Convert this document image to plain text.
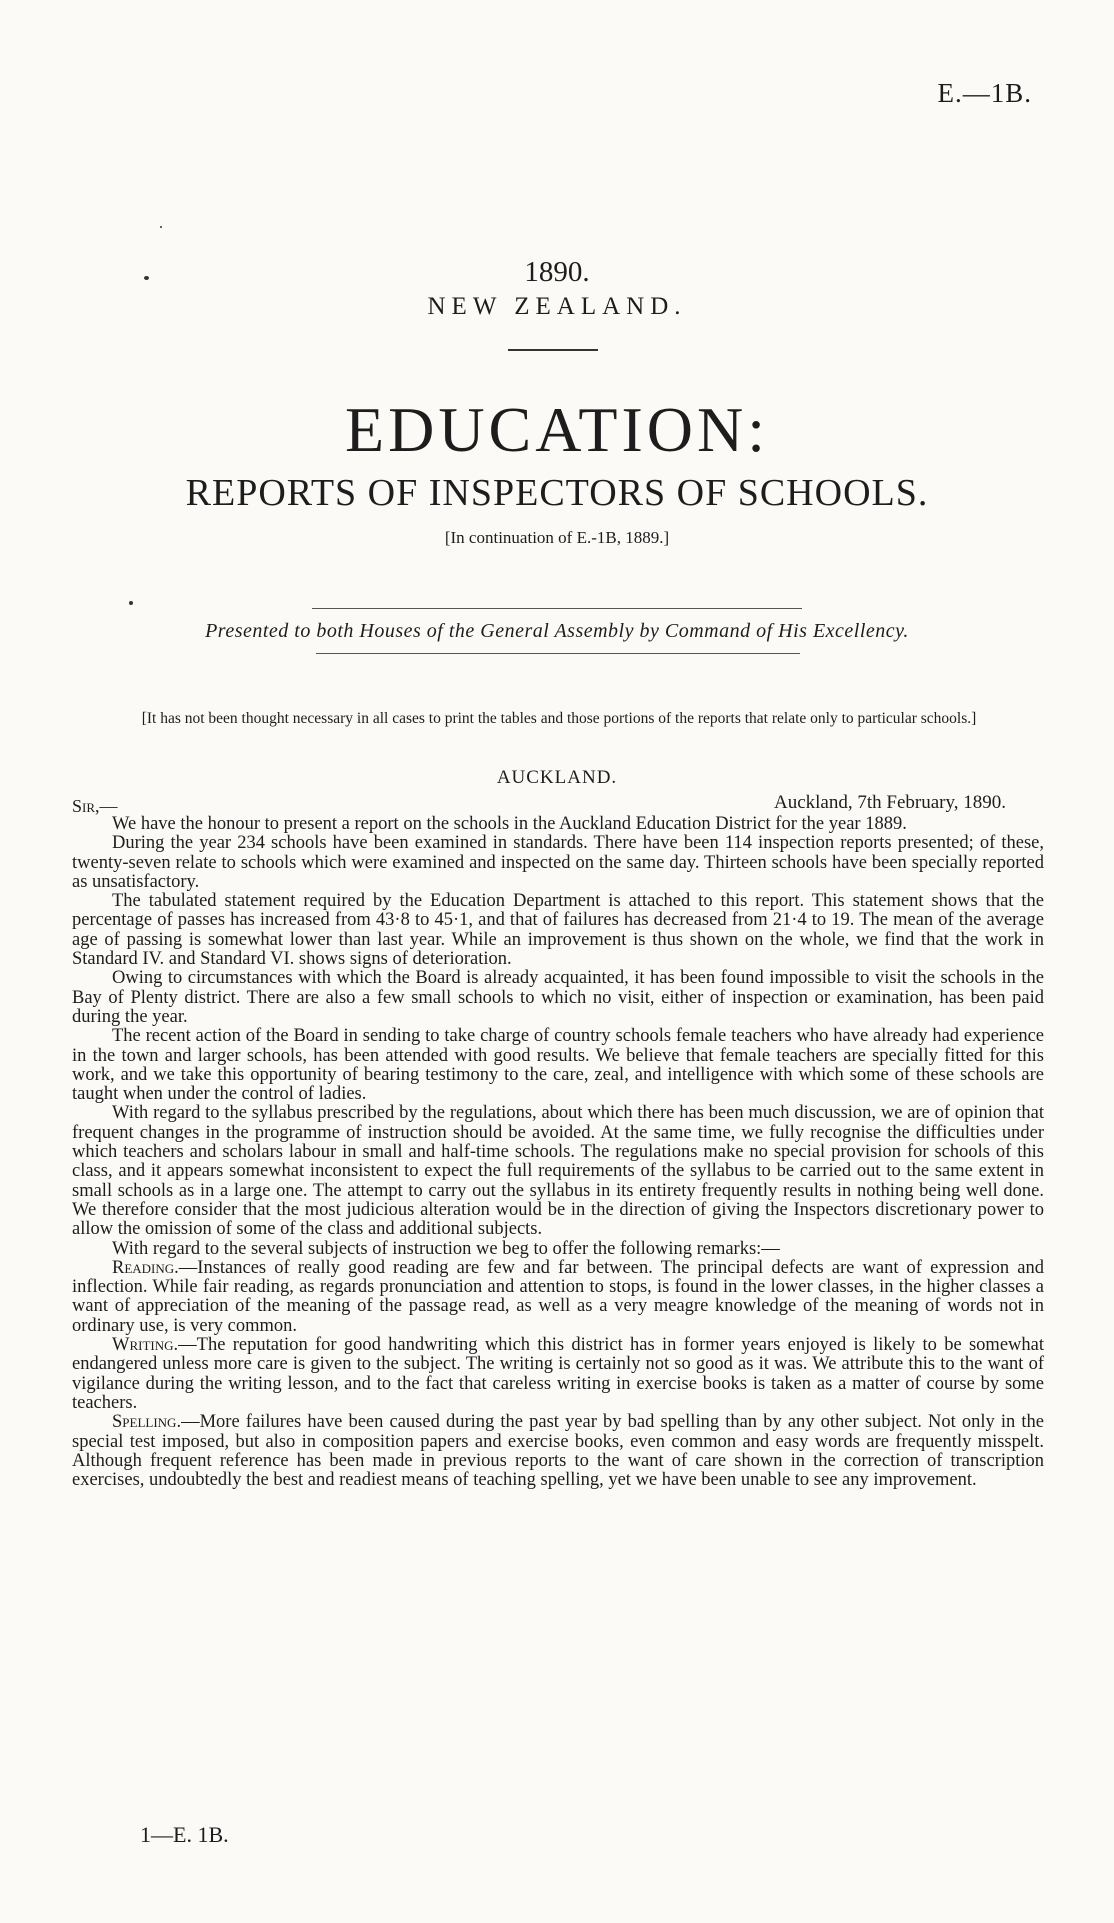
E.—1B.
1890.
NEW ZEALAND.
EDUCATION:
REPORTS OF INSPECTORS OF SCHOOLS.
[In continuation of E.-1B, 1889.]
Presented to both Houses of the General Assembly by Command of His Excellency.
[It has not been thought necessary in all cases to print the tables and those portions of the reports that relate only to particular schools.]
AUCKLAND.
Sir,—	Auckland, 7th February, 1890.

We have the honour to present a report on the schools in the Auckland Education District for the year 1889.

During the year 234 schools have been examined in standards. There have been 114 inspection reports presented; of these, twenty-seven relate to schools which were examined and inspected on the same day. Thirteen schools have been specially reported as unsatisfactory.

The tabulated statement required by the Education Department is attached to this report. This statement shows that the percentage of passes has increased from 43·8 to 45·1, and that of failures has decreased from 21·4 to 19. The mean of the average age of passing is somewhat lower than last year. While an improvement is thus shown on the whole, we find that the work in Standard IV. and Standard VI. shows signs of deterioration.

Owing to circumstances with which the Board is already acquainted, it has been found impossible to visit the schools in the Bay of Plenty district. There are also a few small schools to which no visit, either of inspection or examination, has been paid during the year.

The recent action of the Board in sending to take charge of country schools female teachers who have already had experience in the town and larger schools, has been attended with good results. We believe that female teachers are specially fitted for this work, and we take this opportunity of bearing testimony to the care, zeal, and intelligence with which some of these schools are taught when under the control of ladies.

With regard to the syllabus prescribed by the regulations, about which there has been much discussion, we are of opinion that frequent changes in the programme of instruction should be avoided. At the same time, we fully recognise the difficulties under which teachers and scholars labour in small and half-time schools. The regulations make no special provision for schools of this class, and it appears somewhat inconsistent to expect the full requirements of the syllabus to be carried out to the same extent in small schools as in a large one. The attempt to carry out the syllabus in its entirety frequently results in nothing being well done. We therefore consider that the most judicious alteration would be in the direction of giving the Inspectors discretionary power to allow the omission of some of the class and additional subjects.

With regard to the several subjects of instruction we beg to offer the following remarks:—

Reading.—Instances of really good reading are few and far between. The principal defects are want of expression and inflection. While fair reading, as regards pronunciation and attention to stops, is found in the lower classes, in the higher classes a want of appreciation of the meaning of the passage read, as well as a very meagre knowledge of the meaning of words not in ordinary use, is very common.

Writing.—The reputation for good handwriting which this district has in former years enjoyed is likely to be somewhat endangered unless more care is given to the subject. The writing is certainly not so good as it was. We attribute this to the want of vigilance during the writing lesson, and to the fact that careless writing in exercise books is taken as a matter of course by some teachers.

Spelling.—More failures have been caused during the past year by bad spelling than by any other subject. Not only in the special test imposed, but also in composition papers and exercise books, even common and easy words are frequently misspelt. Although frequent reference has been made in previous reports to the want of care shown in the correction of transcription exercises, undoubtedly the best and readiest means of teaching spelling, yet we have been unable to see any improvement.

1—E. 1B.
